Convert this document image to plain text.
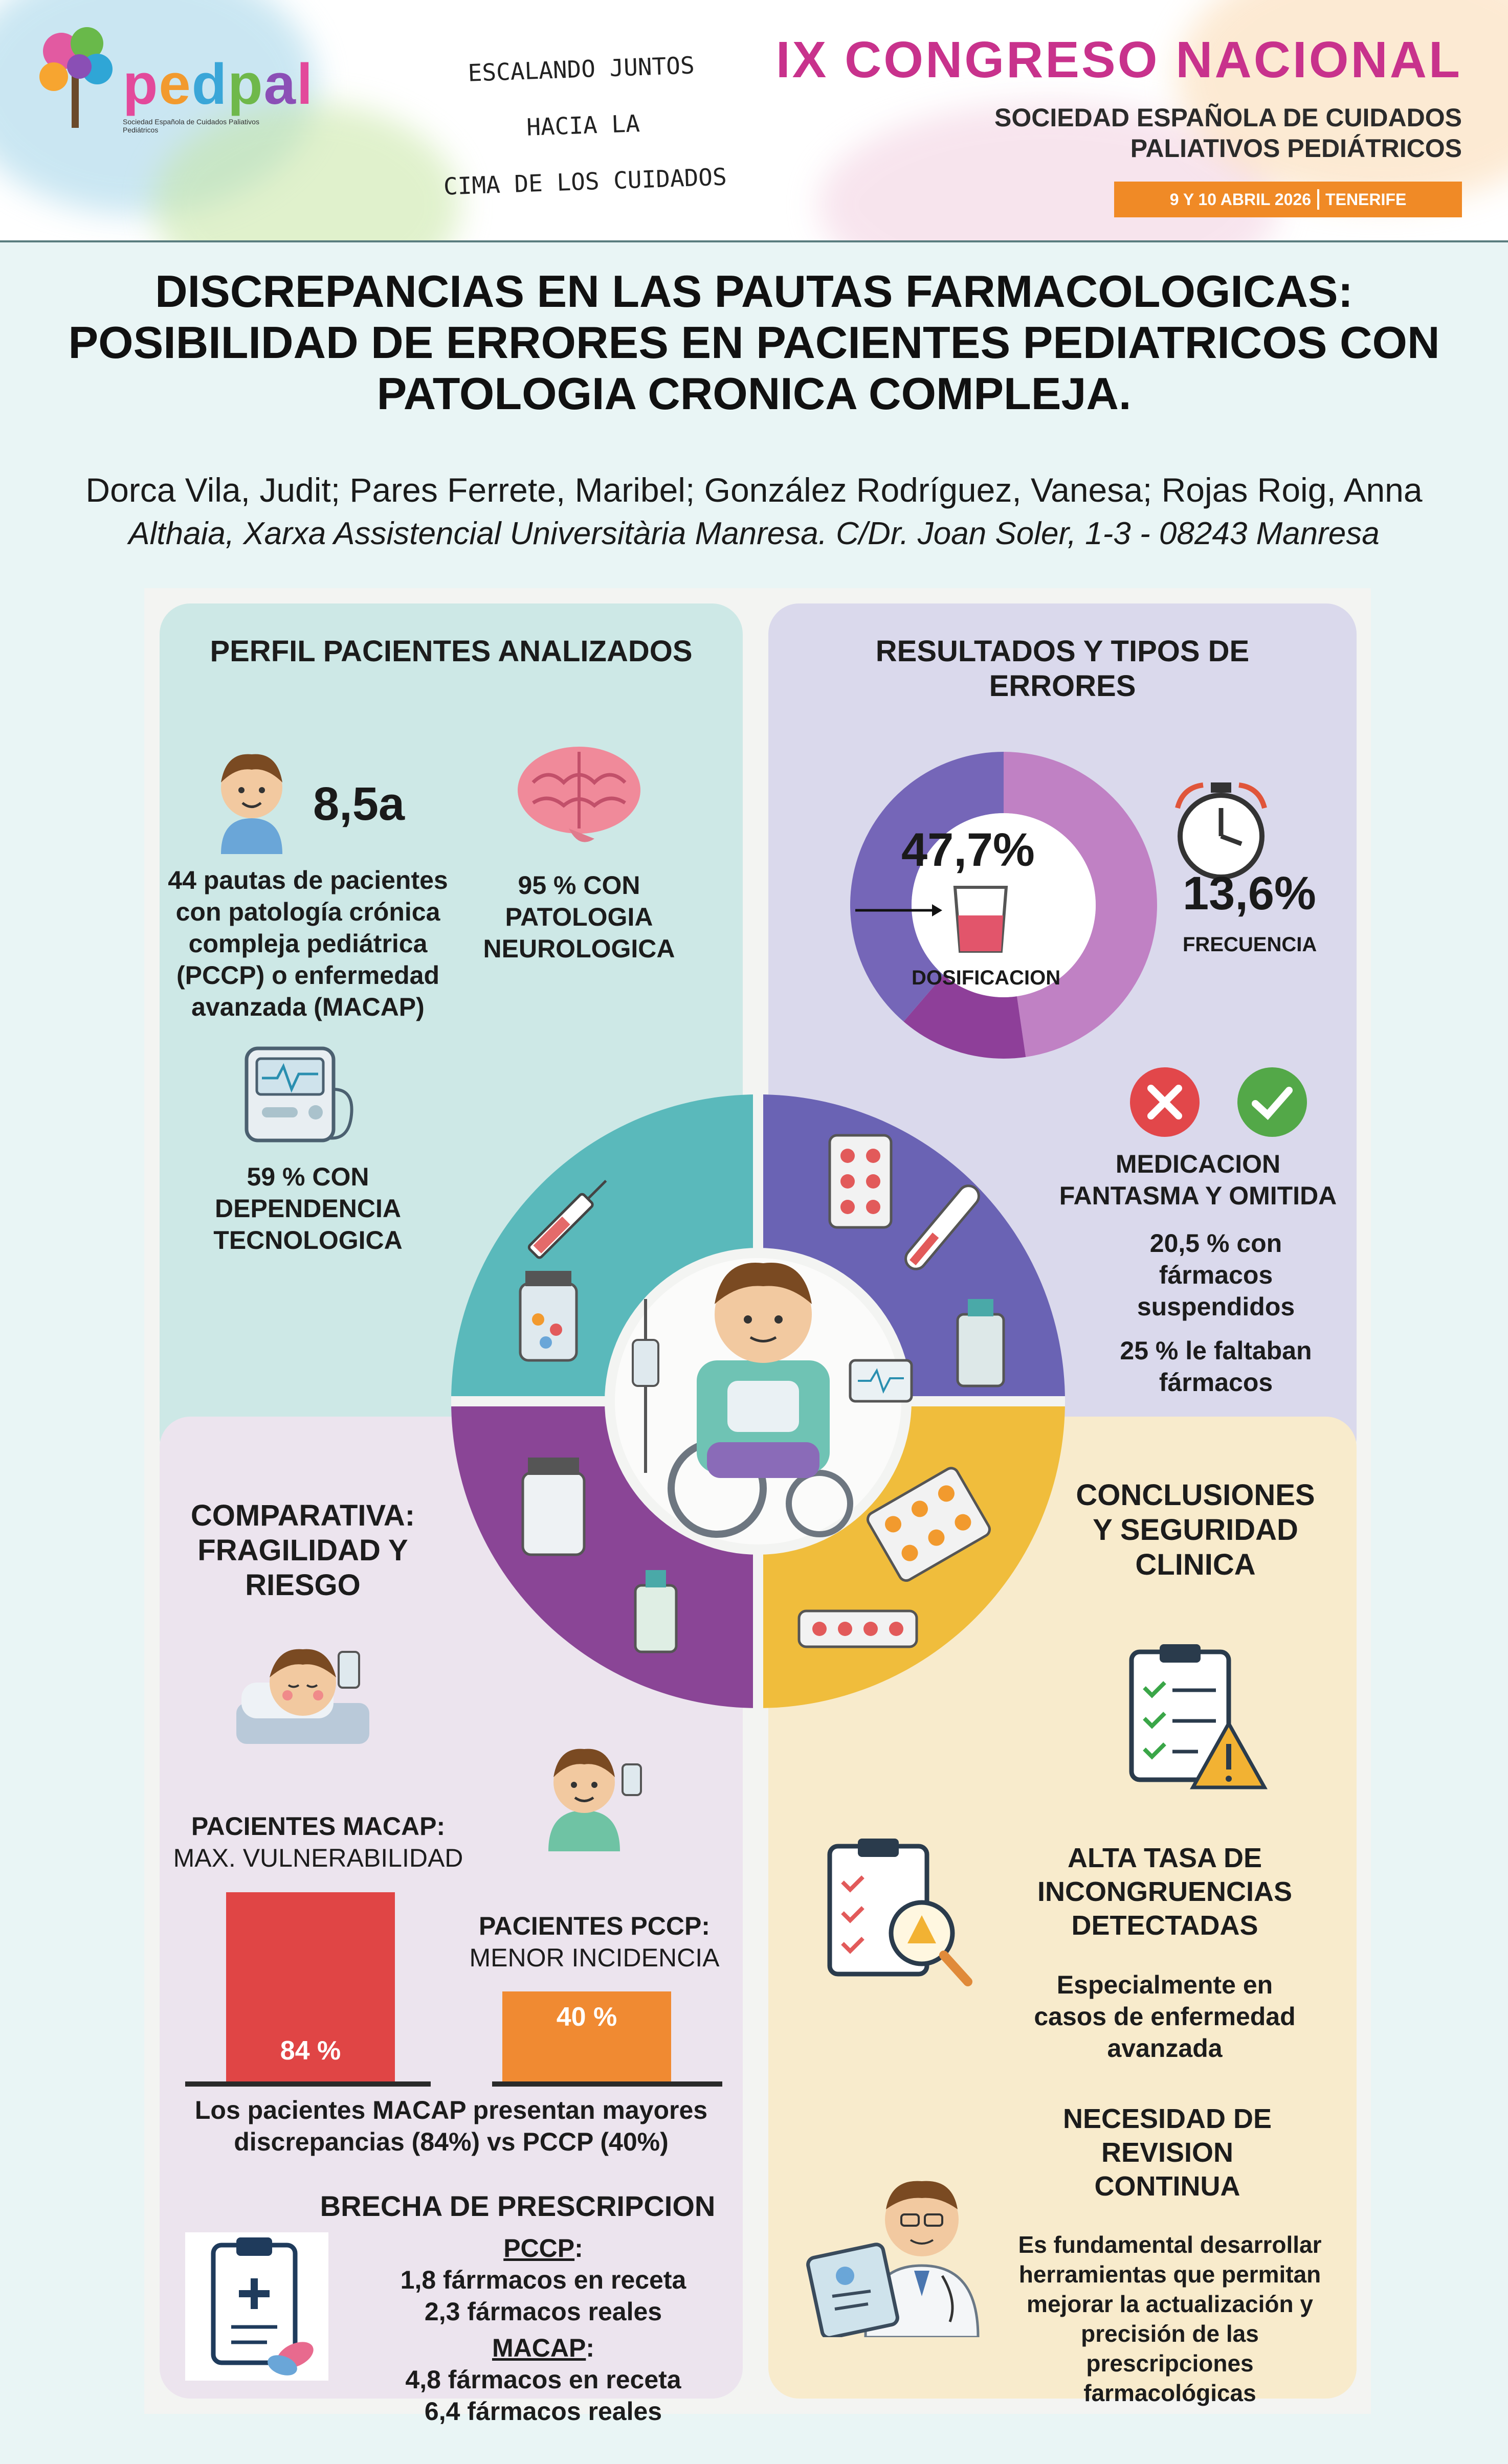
pedpal
Sociedad Española de Cuidados Paliativos Pediátricos
ESCALANDO JUNTOS
HACIA LA
CIMA DE LOS CUIDADOS
IX CONGRESO NACIONAL
SOCIEDAD ESPAÑOLA DE CUIDADOS
PALIATIVOS PEDIÁTRICOS
9 Y 10 ABRIL 2026 TENERIFE
DISCREPANCIAS EN LAS PAUTAS FARMACOLOGICAS:
POSIBILIDAD DE ERRORES EN PACIENTES PEDIATRICOS CON
PATOLOGIA CRONICA COMPLEJA.
Dorca Vila, Judit; Pares Ferrete, Maribel; González Rodríguez, Vanesa; Rojas Roig, Anna
Althaia, Xarxa Assistencial Universitària Manresa. C/Dr. Joan Soler, 1-3 - 08243 Manresa
PERFIL PACIENTES ANALIZADOS
8,5a
44 pautas de pacientes
con patología crónica
compleja pediátrica
(PCCP) o enfermedad
avanzada (MACAP)
95 % CON
PATOLOGIA
NEUROLOGICA
59 % CON
DEPENDENCIA
TECNOLOGICA
RESULTADOS Y TIPOS DE
ERRORES
47,7%
DOSIFICACION
13,6%
FRECUENCIA
MEDICACION
FANTASMA Y OMITIDA
20,5 % con
fármacos
suspendidos
25 % le faltaban
fármacos
COMPARATIVA:
FRAGILIDAD Y
RIESGO
PACIENTES MACAP:
MAX. VULNERABILIDAD
PACIENTES PCCP:
MENOR INCIDENCIA
84 %
40 %
Los pacientes MACAP presentan mayores
discrepancias (84%) vs PCCP (40%)
BRECHA DE PRESCRIPCION
PCCP:
1,8 fárrmacos en receta
2,3 fármacos reales
MACAP:
4,8 fármacos en receta
6,4 fármacos reales
CONCLUSIONES
Y SEGURIDAD
CLINICA
ALTA TASA DE
INCONGRUENCIAS
DETECTADAS
Especialmente en
casos de enfermedad
avanzada
NECESIDAD DE
REVISION
CONTINUA
Es fundamental desarrollar
herramientas que permitan
mejorar la actualización y
precisión de las
prescripciones
farmacológicas
